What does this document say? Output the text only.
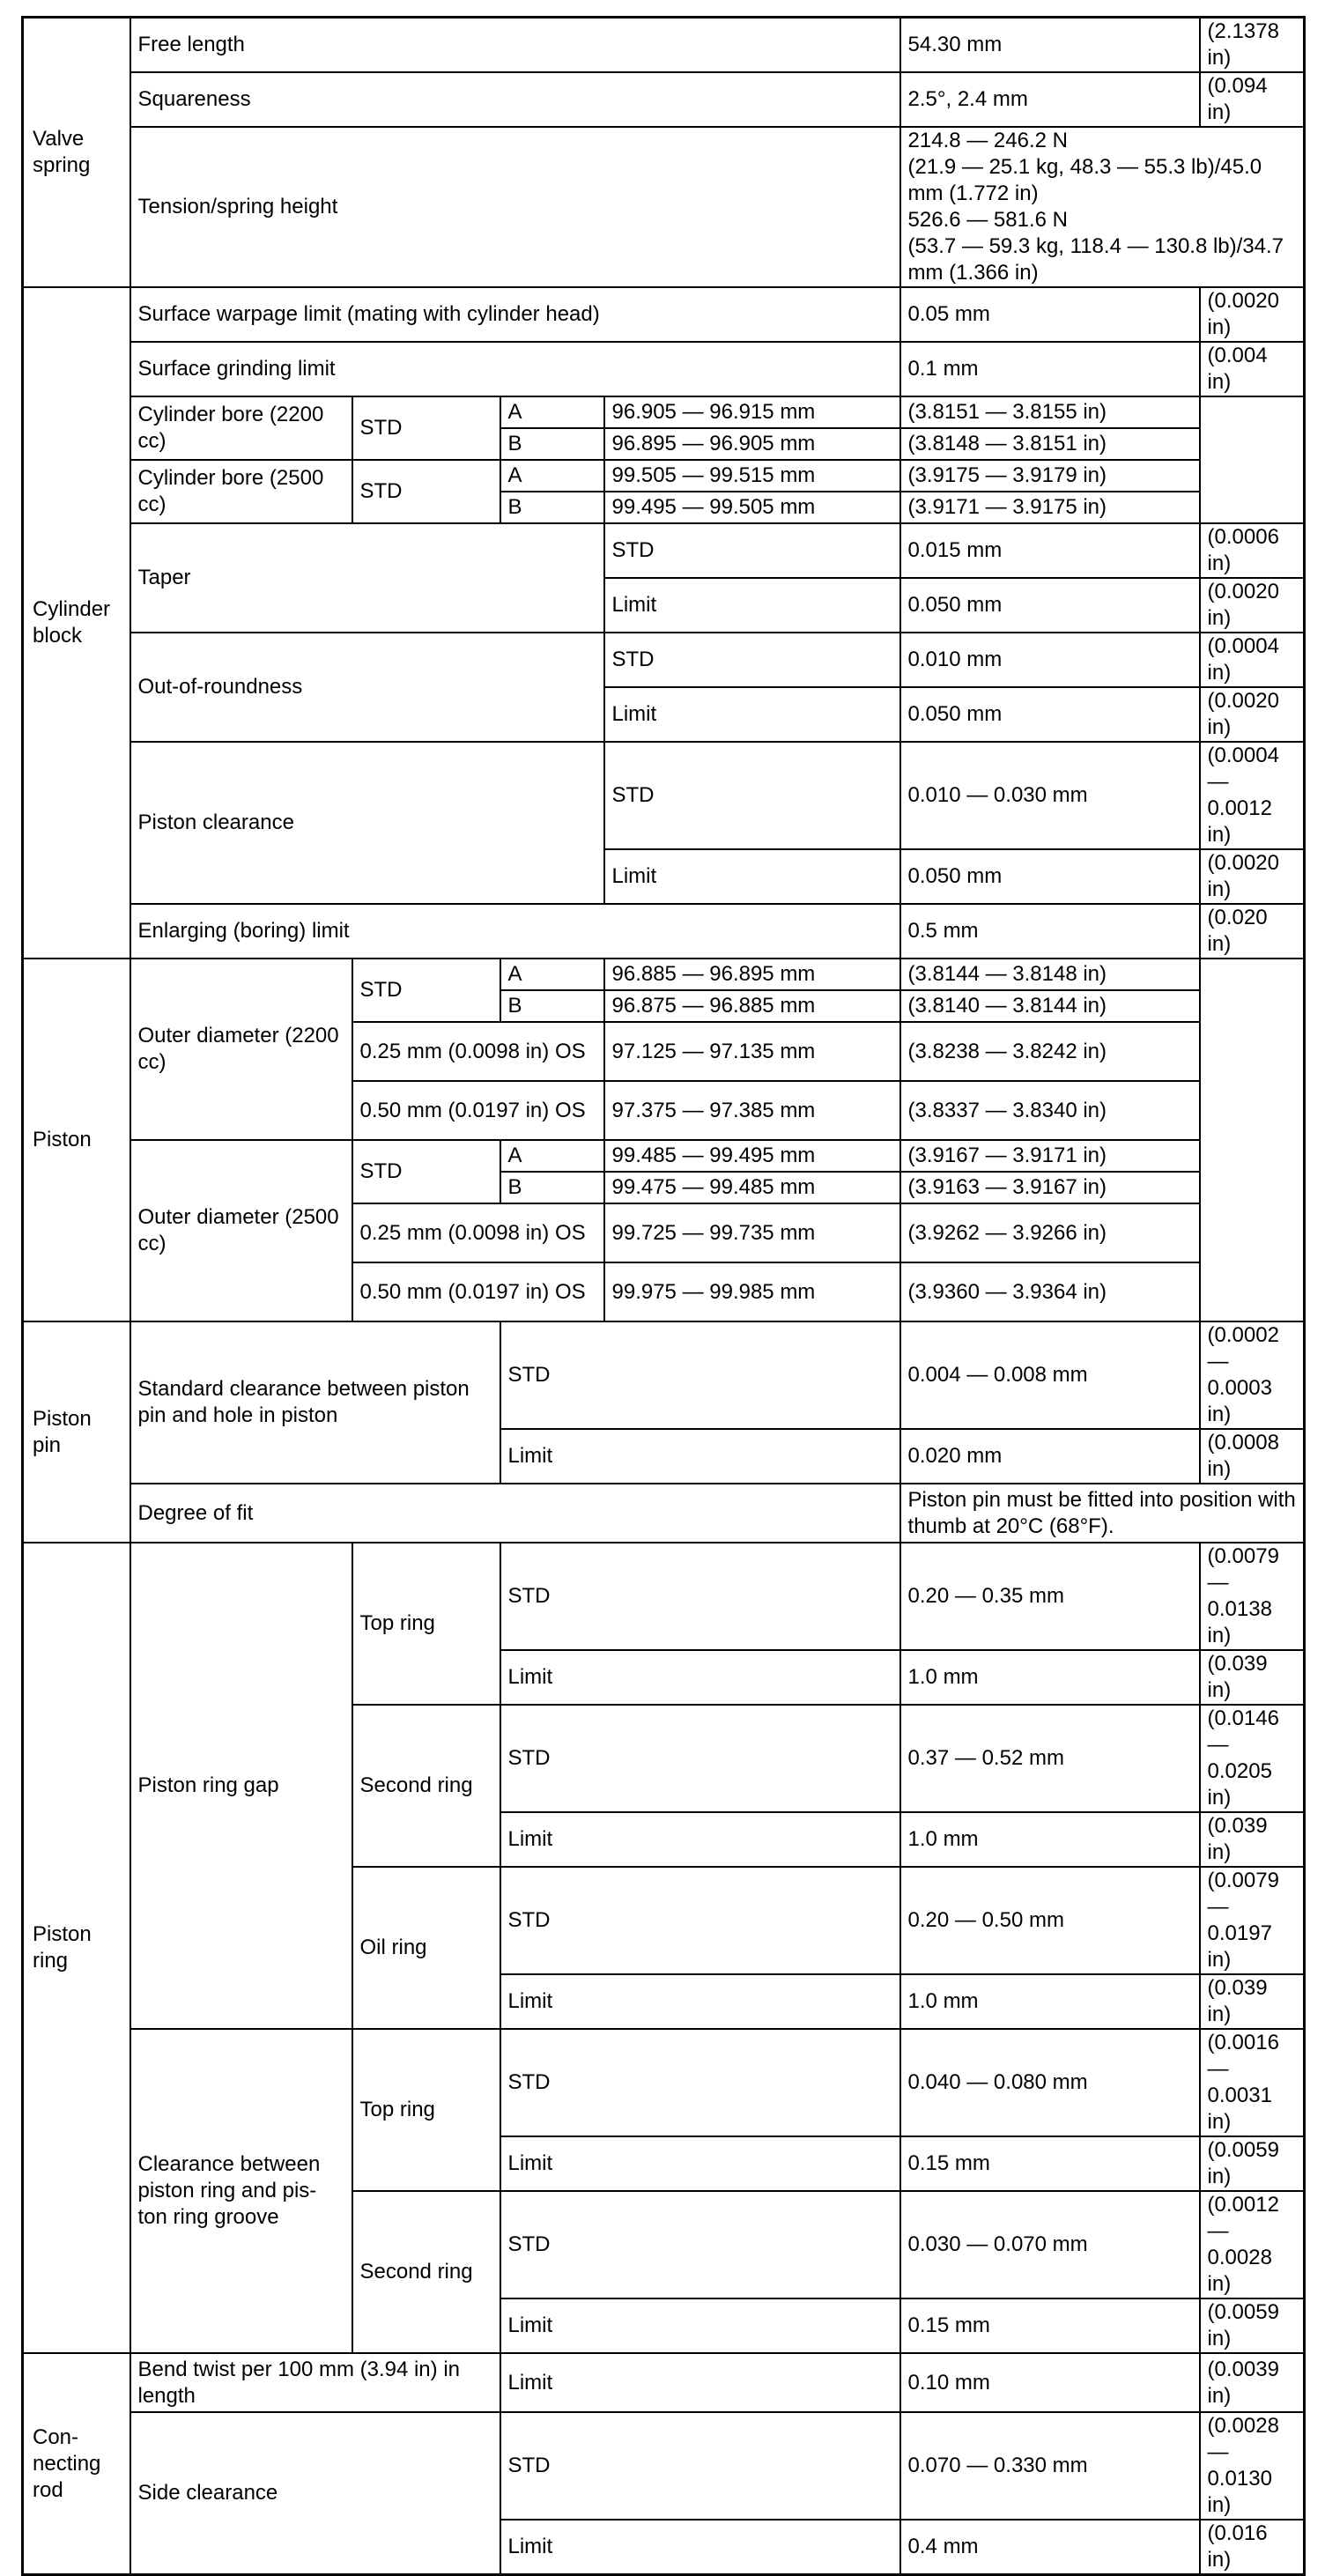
Valve spring	Free length				54.30 mm	(2.1378 in)
	Squareness				2.5°, 2.4 mm	(0.094 in)
	Tension/spring height				214.8 — 246.2 N
(21.9 — 25.1 kg, 48.3 — 55.3 lb)/45.0 mm (1.772 in)
526.6 — 581.6 N
(53.7 — 59.3 kg, 118.4 — 130.8 lb)/34.7 mm (1.366 in)	

Cylinder block	Surface warpage limit (mating with cylinder head)				0.05 mm	(0.0020 in)
	Surface grinding limit				0.1 mm	(0.004 in)
	Cylinder bore (2200 cc)	STD	A	96.905 — 96.915 mm	(3.8151 — 3.8155 in)	
			B	96.895 — 96.905 mm	(3.8148 — 3.8151 in)	
	Cylinder bore (2500 cc)	STD	A	99.505 — 99.515 mm	(3.9175 — 3.9179 in)	
			B	99.495 — 99.505 mm	(3.9171 — 3.9175 in)	
	Taper			STD	0.015 mm	(0.0006 in)
				Limit	0.050 mm	(0.0020 in)
	Out-of-roundness			STD	0.010 mm	(0.0004 in)
				Limit	0.050 mm	(0.0020 in)
	Piston clearance			STD	0.010 — 0.030 mm	(0.0004 — 0.0012 in)
				Limit	0.050 mm	(0.0020 in)
	Enlarging (boring) limit				0.5 mm	(0.020 in)
Piston	Outer diameter (2200 cc)	STD	A	96.885 — 96.895 mm	(3.8144 — 3.8148 in)	
			B	96.875 — 96.885 mm	(3.8140 — 3.8144 in)	
		0.25 mm (0.0098 in) OS		97.125 — 97.135 mm	(3.8238 — 3.8242 in)	
		0.50 mm (0.0197 in) OS		97.375 — 97.385 mm	(3.8337 — 3.8340 in)	
	Outer diameter (2500 cc)	STD	A	99.485 — 99.495 mm	(3.9167 — 3.9171 in)	
			B	99.475 — 99.485 mm	(3.9163 — 3.9167 in)	
		0.25 mm (0.0098 in) OS		99.725 — 99.735 mm	(3.9262 — 3.9266 in)	
		0.50 mm (0.0197 in) OS		99.975 — 99.985 mm	(3.9360 — 3.9364 in)	
Piston pin	Standard clearance between piston pin and hole in piston		STD		0.004 — 0.008 mm	(0.0002 — 0.0003 in)
			Limit		0.020 mm	(0.0008 in)
	Degree of fit				Piston pin must be fitted into position with thumb at 20°C (68°F).	
Piston ring	Piston ring gap	Top ring	STD		0.20 — 0.35 mm	(0.0079 — 0.0138 in)
			Limit		1.0 mm	(0.039 in)
		Second ring	STD		0.37 — 0.52 mm	(0.0146 — 0.0205 in)
			Limit		1.0 mm	(0.039 in)
		Oil ring	STD		0.20 — 0.50 mm	(0.0079 — 0.0197 in)
			Limit		1.0 mm	(0.039 in)
	Clearance between piston ring and pis-ton ring groove	Top ring	STD		0.040 — 0.080 mm	(0.0016 — 0.0031 in)
			Limit		0.15 mm	(0.0059 in)
		Second ring	STD		0.030 — 0.070 mm	(0.0012 — 0.0028 in)
			Limit		0.15 mm	(0.0059 in)
Con-necting rod	Bend twist per 100 mm (3.94 in) in length		Limit		0.10 mm	(0.0039 in)
	Side clearance		STD		0.070 — 0.330 mm	(0.0028 — 0.0130 in)
			Limit		0.4 mm	(0.016 in)
